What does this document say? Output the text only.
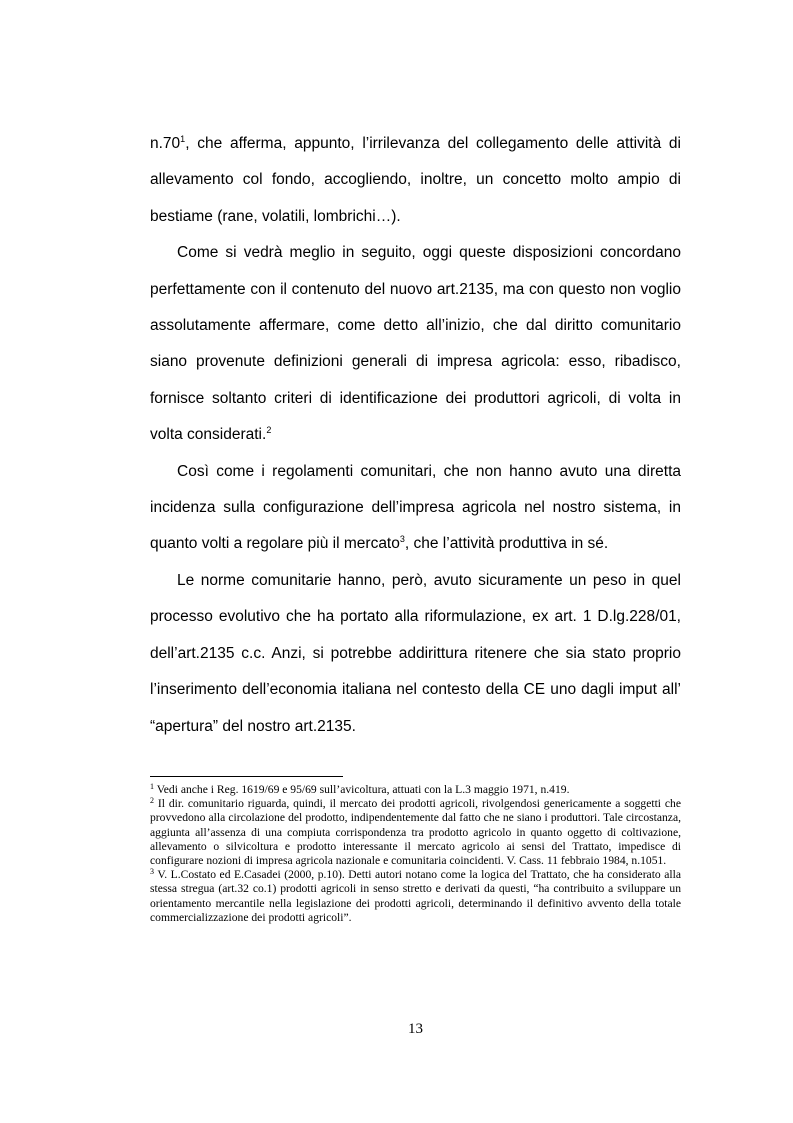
$n.70^1$, che afferma, appunto, l’irrilevanza del collegamento delle attività di allevamento col fondo, accogliendo, inoltre, un concetto molto ampio di bestiame (rane, volatili, lombrichi…).

Come si vedrà meglio in seguito, oggi queste disposizioni concordano perfettamente con il contenuto del nuovo art.2135, ma con questo non voglio assolutamente affermare, come detto all’inizio, che dal diritto comunitario siano provenute definizioni generali di impresa agricola: esso, ribadisco, fornisce soltanto criteri di identificazione dei produttori agricoli, di volta in volta considerati.$^2$

Così come i regolamenti comunitari, che non hanno avuto una diretta incidenza sulla configurazione dell’impresa agricola nel nostro sistema, in quanto volti a regolare più il mercato$^3$, che l’attività produttiva in sé.

Le norme comunitarie hanno, però, avuto sicuramente un peso in quel processo evolutivo che ha portato alla riformulazione, ex art. 1 D.lg.228/01, dell’art.2135 c.c. Anzi, si potrebbe addirittura ritenere che sia stato proprio l’inserimento dell’economia italiana nel contesto della CE uno dagli imput all’ “apertura” del nostro art.2135.

$^1$ Vedi anche i Reg. 1619/69 e 95/69 sull’avicoltura, attuati con la L.3 maggio 1971, n.419.

$^2$ Il dir. comunitario riguarda, quindi, il mercato dei prodotti agricoli, rivolgendosi genericamente a soggetti che provvedono alla circolazione del prodotto, indipendentemente dal fatto che ne siano i produttori. Tale circostanza, aggiunta all’assenza di una compiuta corrispondenza tra prodotto agricolo in quanto oggetto di coltivazione, allevamento o silvicoltura e prodotto interessante il mercato agricolo ai sensi del Trattato, impedisce di configurare nozioni di impresa agricola nazionale e comunitaria coincidenti. V. Cass. 11 febbraio 1984, n.1051.

$^3$ V. L.Costato ed E.Casadei (2000, p.10). Detti autori notano come la logica del Trattato, che ha considerato alla stessa stregua (art.32 co.1) prodotti agricoli in senso stretto e derivati da questi, “ha contribuito a sviluppare un orientamento mercantile nella legislazione dei prodotti agricoli, determinando il definitivo avvento della totale commercializzazione dei prodotti agricoli”.

13
